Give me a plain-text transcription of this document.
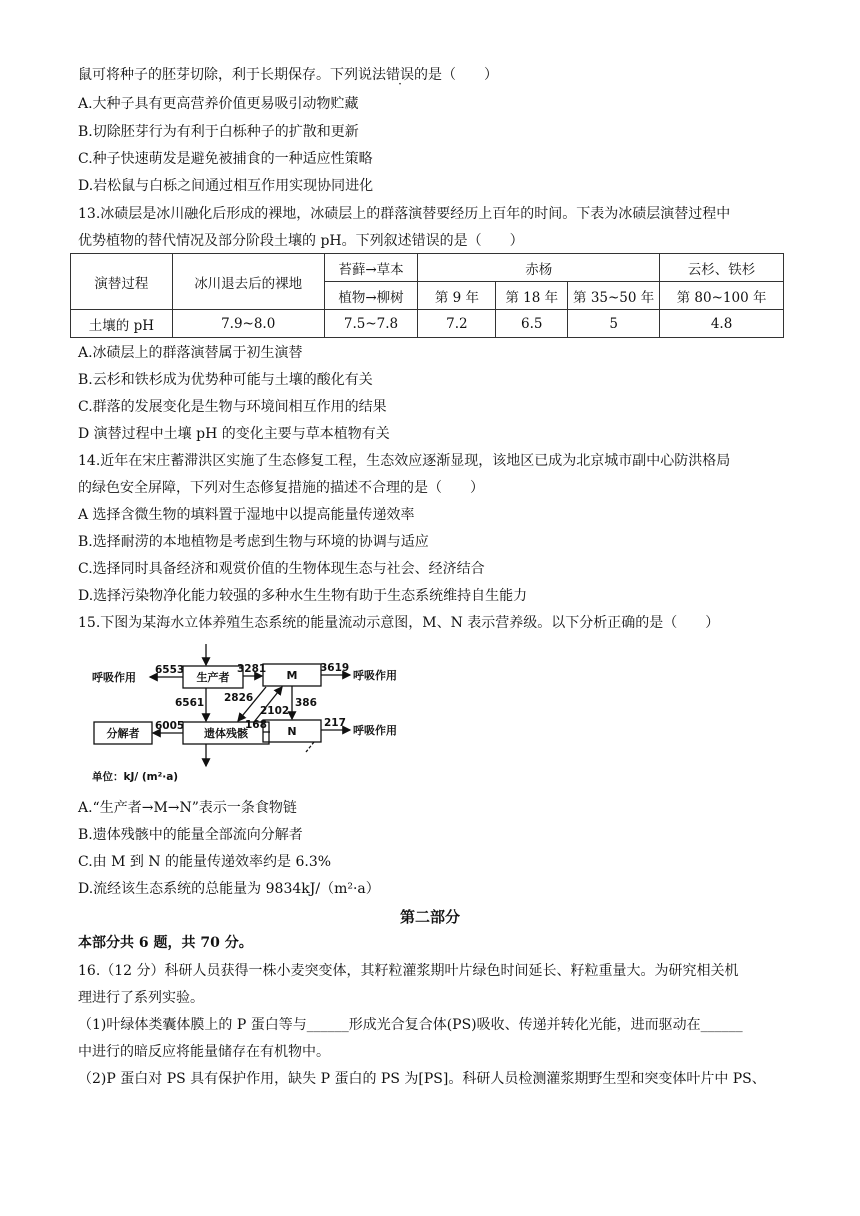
鼠可将种子的胚芽切除，利于长期保存。下列说法错误的是（　　）
A.大种子具有更高营养价值更易吸引动物贮藏
B.切除胚芽行为有利于白栎种子的扩散和更新
C.种子快速萌发是避免被捕食的一种适应性策略
D.岩松鼠与白栎之间通过相互作用实现协同进化
13.冰碛层是冰川融化后形成的裸地，冰碛层上的群落演替要经历上百年的时间。下表为冰碛层演替过程中
优势植物的替代情况及部分阶段土壤的 pH。下列叙述错误的是（　　）
演替过程	冰川退去后的裸地	苔藓→草本	赤杨			云杉、铁杉
		植物→柳树	第 9 年	第 18 年	第 35~50 年	第 80~100 年
土壤的 pH	7.9~8.0	7.5~7.8	7.2	6.5	5	4.8
A.冰碛层上的群落演替属于初生演替
B.云杉和铁杉成为优势种可能与土壤的酸化有关
C.群落的发展变化是生物与环境间相互作用的结果
D 演替过程中土壤 pH 的变化主要与草本植物有关
14.近年在宋庄蓄滞洪区实施了生态修复工程，生态效应逐渐显现，该地区已成为北京城市副中心防洪格局
的绿色安全屏障，下列对生态修复措施的描述不合理的是（　　）
A 选择含微生物的填料置于湿地中以提高能量传递效率
B.选择耐涝的本地植物是考虑到生物与环境的协调与适应
C.选择同时具备经济和观赏价值的生物体现生态与社会、经济结合
D.选择污染物净化能力较强的多种水生生物有助于生态系统维持自生能力
15.下图为某海水立体养殖生态系统的能量流动示意图，M、N 表示营养级。以下分析正确的是（　　）
生产者	M
遗体残骸	N
分解者
呼吸作用	呼吸作用
呼吸作用
6553	3281	3619
6561 2826
2102
386
6005	168	217
单位：kJ/ (m²·a)
A.“生产者→M→N”表示一条食物链
B.遗体残骸中的能量全部流向分解者
C.由 M 到 N 的能量传递效率约是 6.3%
D.流经该生态系统的总能量为 9834kJ/（m²·a）
第二部分
本部分共 6 题，共 70 分。
16.（12 分）科研人员获得一株小麦突变体，其籽粒灌浆期叶片绿色时间延长、籽粒重量大。为研究相关机
理进行了系列实验。
（1)叶绿体类囊体膜上的 P 蛋白等与______形成光合复合体(PS)吸收、传递并转化光能，进而驱动在______
中进行的暗反应将能量储存在有机物中。
（2)P 蛋白对 PS 具有保护作用，缺失 P 蛋白的 PS 为[PS]。科研人员检测灌浆期野生型和突变体叶片中 PS、
